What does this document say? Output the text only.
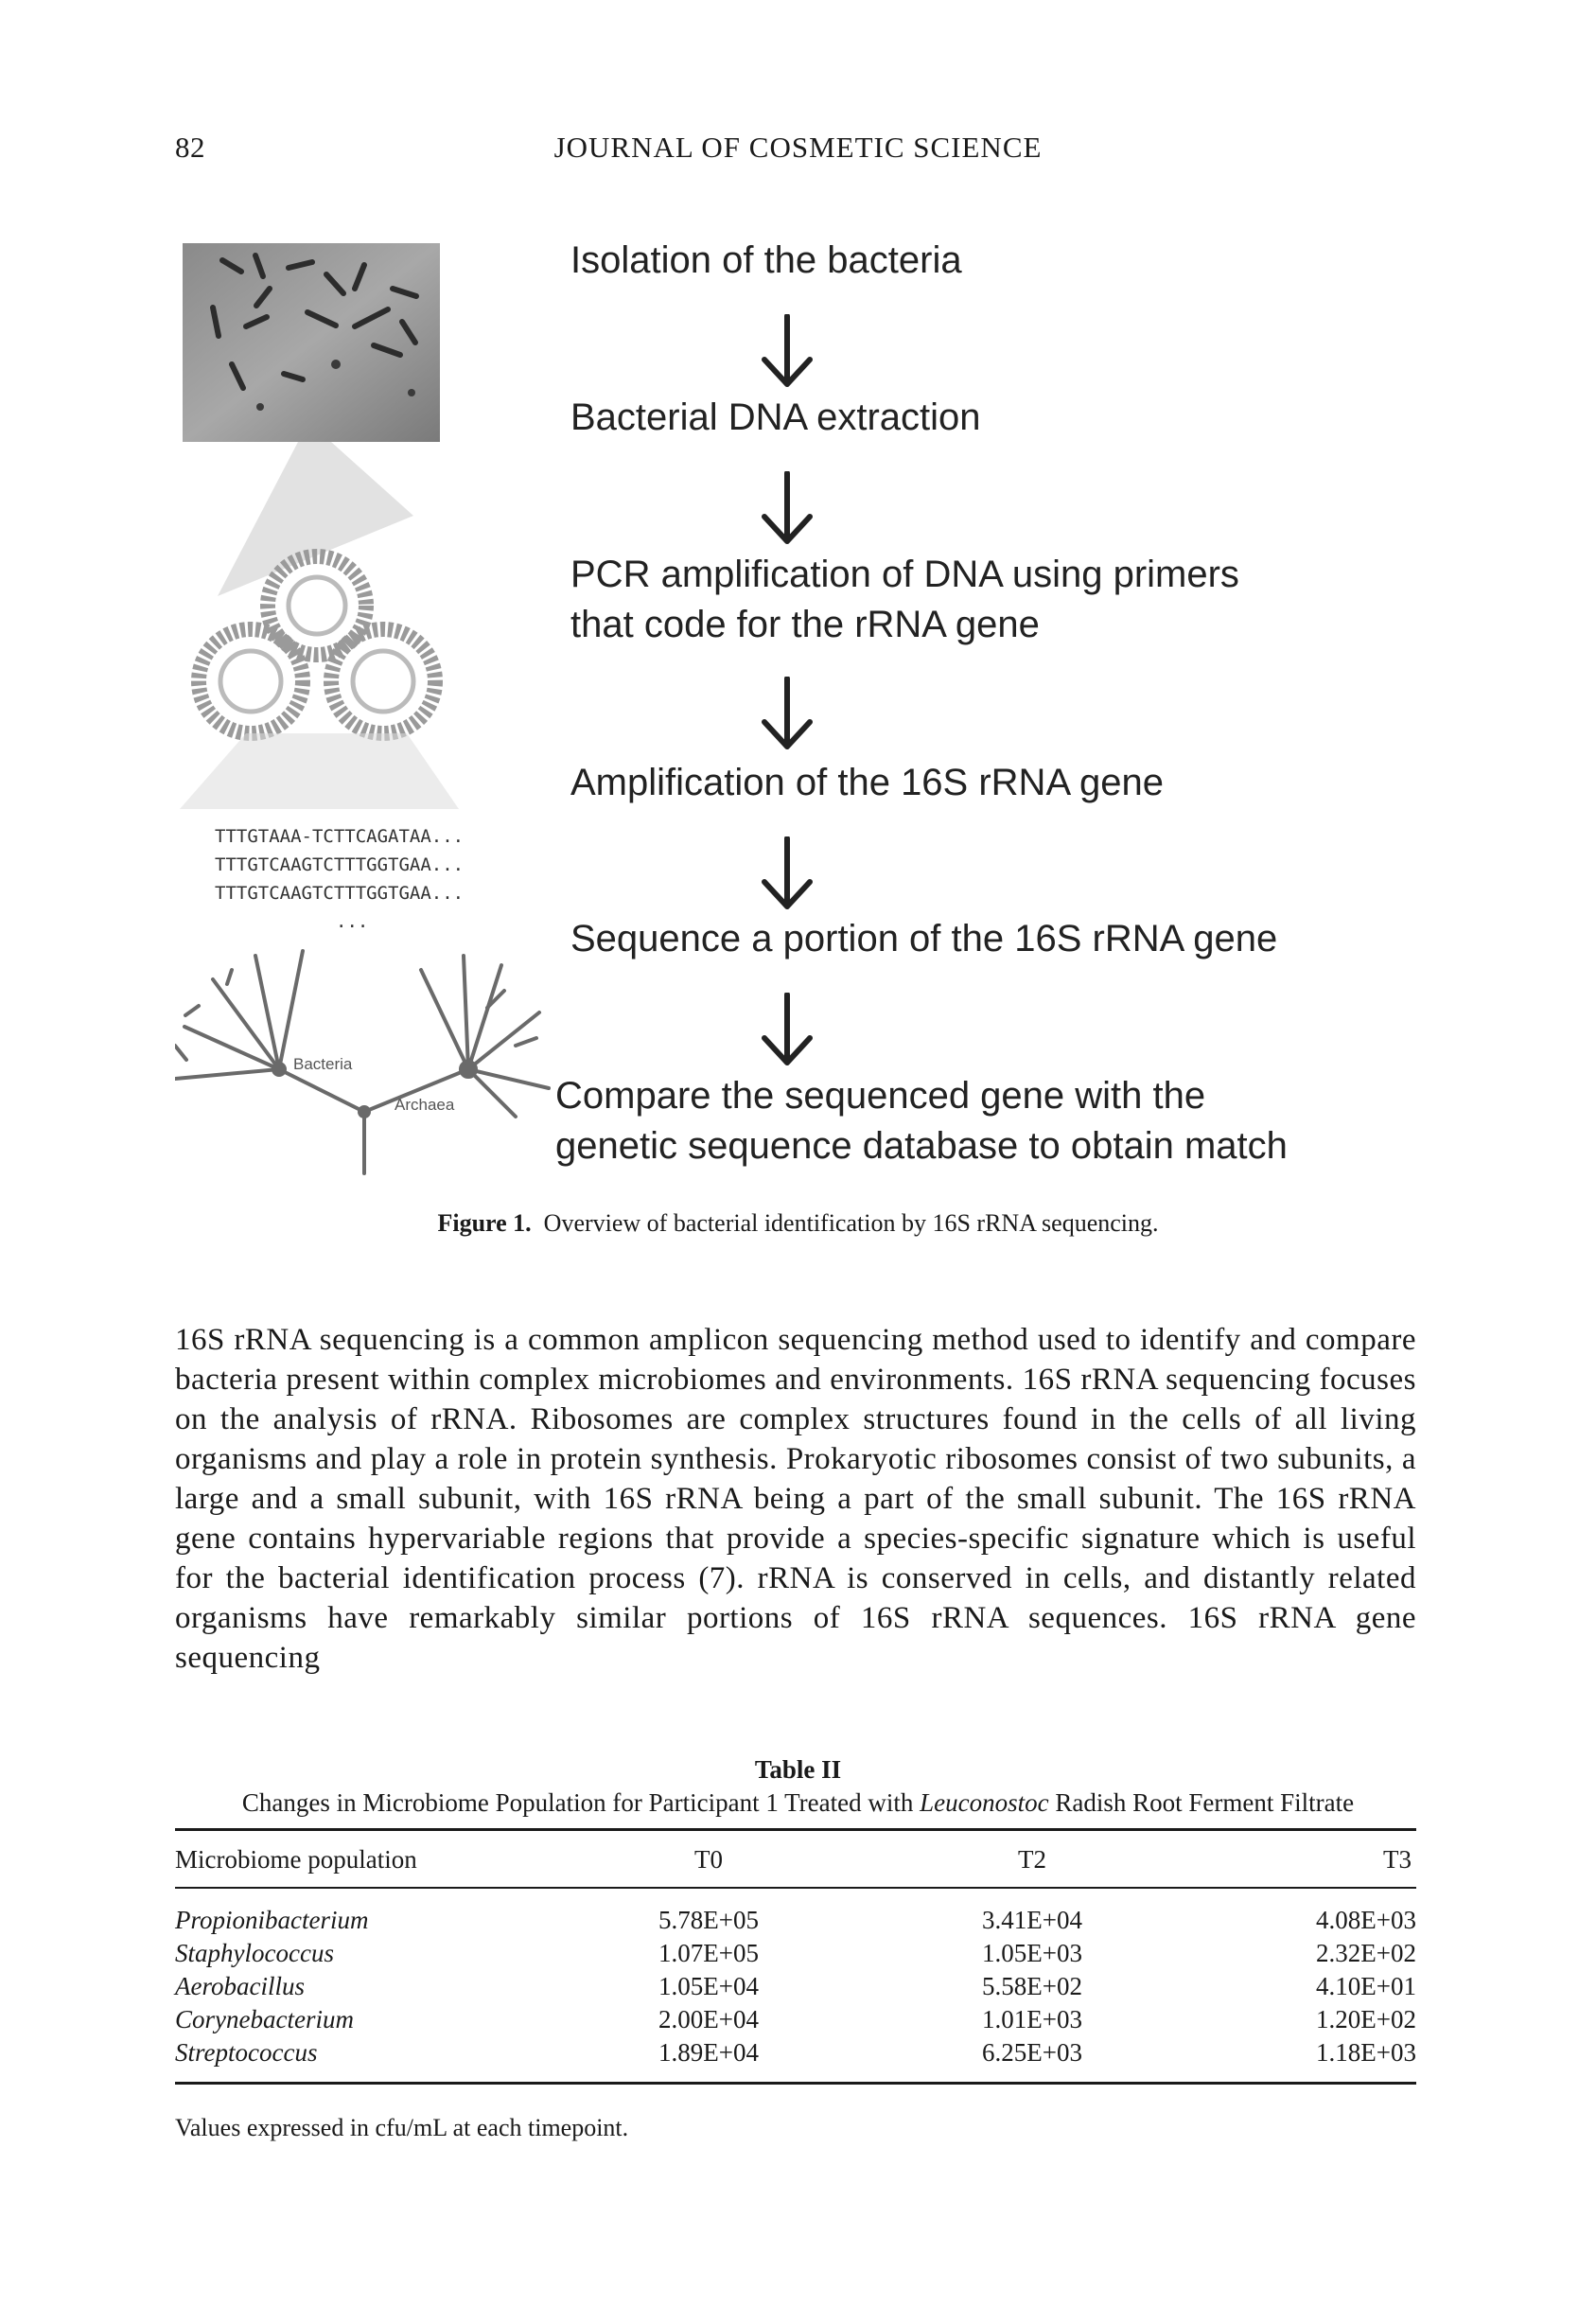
82	JOURNAL OF COSMETIC SCIENCE
TTTGTAAA-TCTTCAGATAA...
TTTGTCAAGTCTTTGGTGAA...
TTTGTCAAGTCTTTGGTGAA...
...
Bacteria
Archaea
Isolation of the bacteria
Bacterial DNA extraction
PCR amplification of DNA using primers
that code for the rRNA gene
Amplification of the 16S rRNA gene
Sequence a portion of the 16S rRNA gene
Compare the sequenced gene with the
genetic sequence database to obtain match
Figure 1. Overview of bacterial identification by 16S rRNA sequencing.
16S rRNA sequencing is a common amplicon sequencing method used to identify and compare bacteria present within complex microbiomes and environments. 16S rRNA sequencing focuses on the analysis of rRNA. Ribosomes are complex structures found in the cells of all living organisms and play a role in protein synthesis. Prokaryotic ribosomes consist of two subunits, a large and a small subunit, with 16S rRNA being a part of the small subunit. The 16S rRNA gene contains hypervariable regions that provide a species-specific signature which is useful for the bacterial identification process (7). rRNA is conserved in cells, and distantly related organisms have remarkably similar portions of 16S rRNA sequences. 16S rRNA gene sequencing
Table II
Changes in Microbiome Population for Participant 1 Treated with Leuconostoc Radish Root Ferment Filtrate
Microbiome population	T0	T2	T3
Propionibacterium	5.78E+05	3.41E+04	4.08E+03
Staphylococcus	1.07E+05	1.05E+03	2.32E+02
Aerobacillus	1.05E+04	5.58E+02	4.10E+01
Corynebacterium	2.00E+04	1.01E+03	1.20E+02
Streptococcus	1.89E+04	6.25E+03	1.18E+03
Values expressed in cfu/mL at each timepoint.
